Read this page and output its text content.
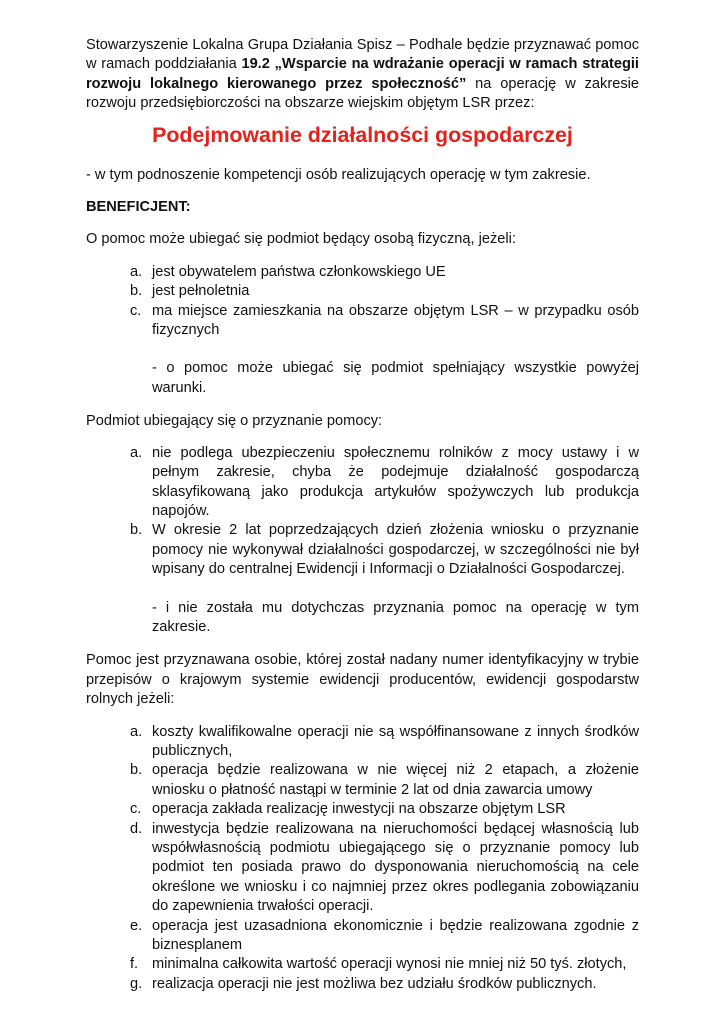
Stowarzyszenie Lokalna Grupa Działania Spisz – Podhale będzie przyznawać pomoc w ramach poddziałania 19.2 „Wsparcie na wdrażanie operacji w ramach strategii rozwoju lokalnego kierowanego przez społeczność” na operację w zakresie rozwoju przedsiębiorczości na obszarze wiejskim objętym LSR przez:

Podejmowanie działalności gospodarczej

- w tym podnoszenie kompetencji osób realizujących operację w tym zakresie.

BENEFICJENT:

O pomoc może ubiegać się podmiot będący osobą fizyczną, jeżeli:

a. jest obywatelem państwa członkowskiego UE
b. jest pełnoletnia
c. ma miejsce zamieszkania na obszarze objętym LSR – w przypadku osób fizycznych

- o pomoc może ubiegać się podmiot spełniający wszystkie powyżej warunki.

Podmiot ubiegający się o przyznanie pomocy:

a. nie podlega ubezpieczeniu społecznemu rolników z mocy ustawy i w pełnym zakresie, chyba że podejmuje działalność gospodarczą sklasyfikowaną jako produkcja artykułów spożywczych lub produkcja napojów.
b. W okresie 2 lat poprzedzających dzień złożenia wniosku o przyznanie pomocy nie wykonywał działalności gospodarczej, w szczególności nie był wpisany do centralnej Ewidencji i Informacji o Działalności Gospodarczej.

- i nie została mu dotychczas przyznania pomoc na operację w tym zakresie.

Pomoc jest przyznawana osobie, której został nadany numer identyfikacyjny w trybie przepisów o krajowym systemie ewidencji producentów, ewidencji gospodarstw rolnych jeżeli:

a. koszty kwalifikowalne operacji nie są współfinansowane z innych środków publicznych,
b. operacja będzie realizowana w nie więcej niż 2 etapach, a złożenie wniosku o płatność nastąpi w terminie 2 lat od dnia zawarcia umowy
c. operacja zakłada realizację inwestycji na obszarze objętym LSR
d. inwestycja będzie realizowana na nieruchomości będącej własnością lub współwłasnością podmiotu ubiegającego się o przyznanie pomocy lub podmiot ten posiada prawo do dysponowania nieruchomością na cele określone we wniosku i co najmniej przez okres podlegania zobowiązaniu do zapewnienia trwałości operacji.
e. operacja jest uzasadniona ekonomicznie i będzie realizowana zgodnie z biznesplanem
f. minimalna całkowita wartość operacji wynosi nie mniej niż 50 tyś. złotych,
g. realizacja operacji nie jest możliwa bez udziału środków publicznych.
